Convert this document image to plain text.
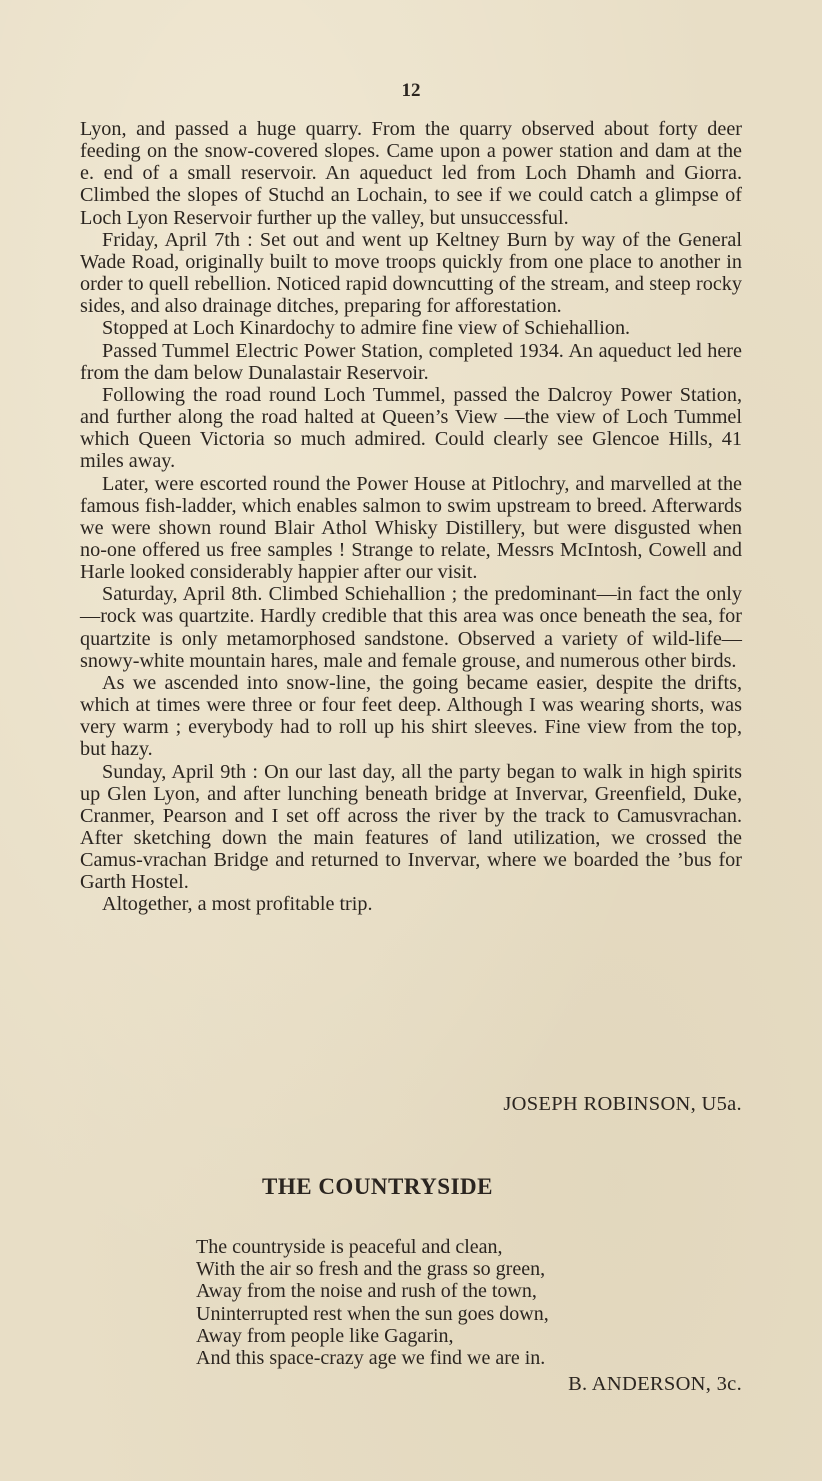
12

Lyon, and passed a huge quarry. From the quarry observed about forty deer feeding on the snow-covered slopes. Came upon a power station and dam at the e. end of a small reservoir. An aqueduct led from Loch Dhamh and Giorra. Climbed the slopes of Stuchd an Lochain, to see if we could catch a glimpse of Loch Lyon Reservoir further up the valley, but unsuccessful.

Friday, April 7th : Set out and went up Keltney Burn by way of the General Wade Road, originally built to move troops quickly from one place to another in order to quell rebellion. Noticed rapid downcutting of the stream, and steep rocky sides, and also drainage ditches, preparing for afforestation.

Stopped at Loch Kinardochy to admire fine view of Schiehallion.

Passed Tummel Electric Power Station, completed 1934. An aqueduct led here from the dam below Dunalastair Reservoir.

Following the road round Loch Tummel, passed the Dalcroy Power Station, and further along the road halted at Queen’s View —the view of Loch Tummel which Queen Victoria so much admired. Could clearly see Glencoe Hills, 41 miles away.

Later, were escorted round the Power House at Pitlochry, and marvelled at the famous fish-ladder, which enables salmon to swim upstream to breed. Afterwards we were shown round Blair Athol Whisky Distillery, but were disgusted when no-one offered us free samples ! Strange to relate, Messrs McIntosh, Cowell and Harle looked considerably happier after our visit.

Saturday, April 8th. Climbed Schiehallion ; the predominant—in fact the only—rock was quartzite. Hardly credible that this area was once beneath the sea, for quartzite is only metamorphosed sandstone. Observed a variety of wild-life—snowy-white mountain hares, male and female grouse, and numerous other birds.

As we ascended into snow-line, the going became easier, despite the drifts, which at times were three or four feet deep. Although I was wearing shorts, was very warm ; everybody had to roll up his shirt sleeves. Fine view from the top, but hazy.

Sunday, April 9th : On our last day, all the party began to walk in high spirits up Glen Lyon, and after lunching beneath bridge at Invervar, Greenfield, Duke, Cranmer, Pearson and I set off across the river by the track to Camusvrachan. After sketching down the main features of land utilization, we crossed the Camus-vrachan Bridge and returned to Invervar, where we boarded the ’bus for Garth Hostel.

Altogether, a most profitable trip.

JOSEPH ROBINSON, U5a.
THE COUNTRYSIDE
The countryside is peaceful and clean,
With the air so fresh and the grass so green,
Away from the noise and rush of the town,
Uninterrupted rest when the sun goes down,
Away from people like Gagarin,
And this space-crazy age we find we are in.
B. ANDERSON, 3c.
